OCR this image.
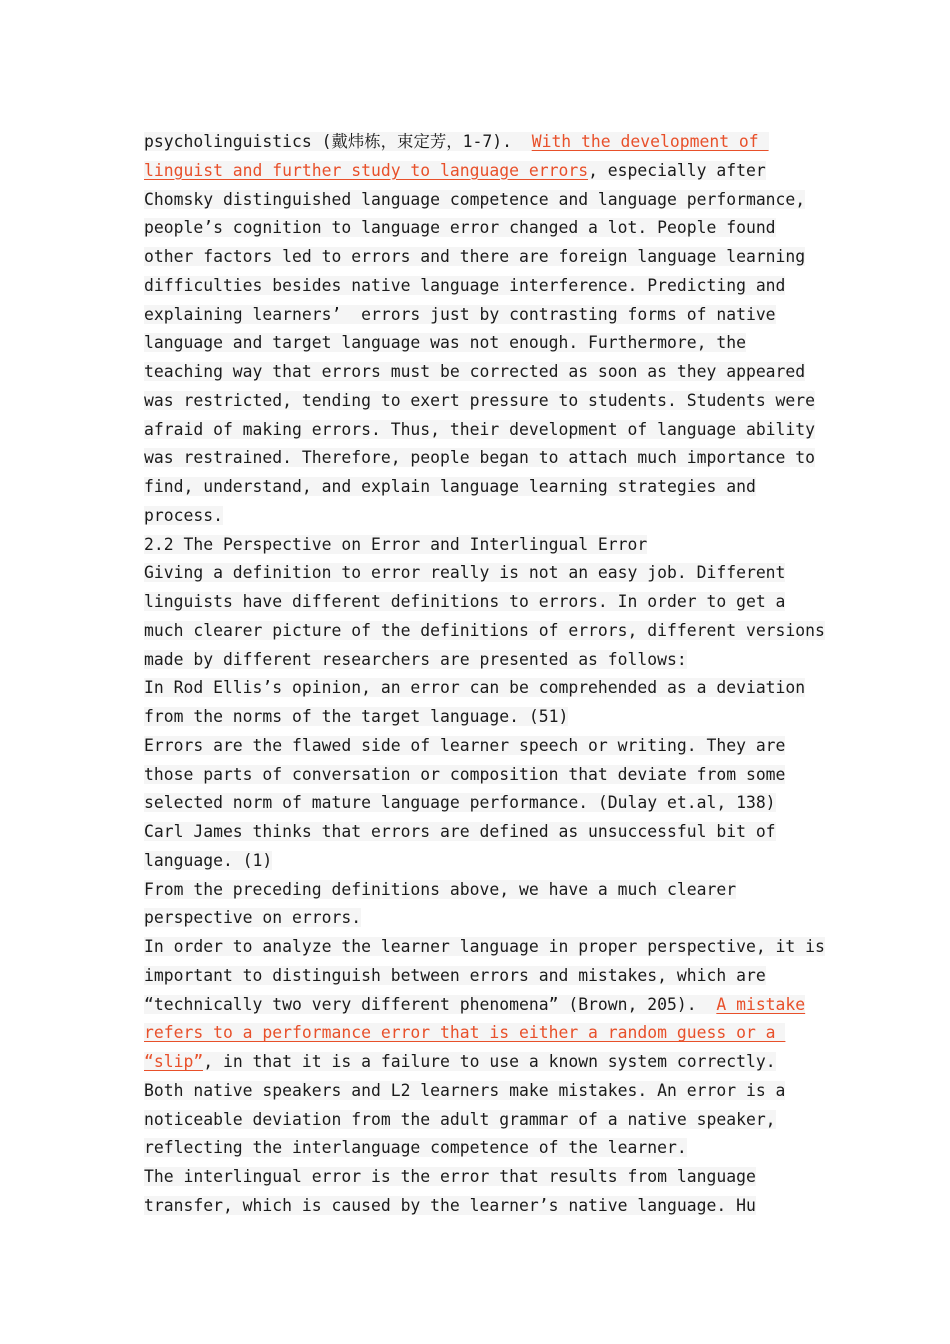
psycholinguistics (戴炜栋，束定芳，1-7).  With the development of
linguist and further study to language errors, especially after
Chomsky distinguished language competence and language performance,
people’s cognition to language error changed a lot. People found
other factors led to errors and there are foreign language learning
difficulties besides native language interference. Predicting and
explaining learners’  errors just by contrasting forms of native
language and target language was not enough. Furthermore, the
teaching way that errors must be corrected as soon as they appeared
was restricted, tending to exert pressure to students. Students were
afraid of making errors. Thus, their development of language ability
was restrained. Therefore, people began to attach much importance to
find, understand, and explain language learning strategies and
process.
2.2 The Perspective on Error and Interlingual Error
Giving a definition to error really is not an easy job. Different
linguists have different definitions to errors. In order to get a
much clearer picture of the definitions of errors, different versions
made by different researchers are presented as follows:
In Rod Ellis’s opinion, an error can be comprehended as a deviation
from the norms of the target language. (51)
Errors are the flawed side of learner speech or writing. They are
those parts of conversation or composition that deviate from some
selected norm of mature language performance. (Dulay et.al, 138)
Carl James thinks that errors are defined as unsuccessful bit of
language. (1)
From the preceding definitions above, we have a much clearer
perspective on errors.
In order to analyze the learner language in proper perspective, it is
important to distinguish between errors and mistakes, which are
“technically two very different phenomena” (Brown, 205).  A mistake
refers to a performance error that is either a random guess or a
“slip”, in that it is a failure to use a known system correctly.
Both native speakers and L2 learners make mistakes. An error is a
noticeable deviation from the adult grammar of a native speaker,
reflecting the interlanguage competence of the learner.
The interlingual error is the error that results from language
transfer, which is caused by the learner’s native language. Hu
